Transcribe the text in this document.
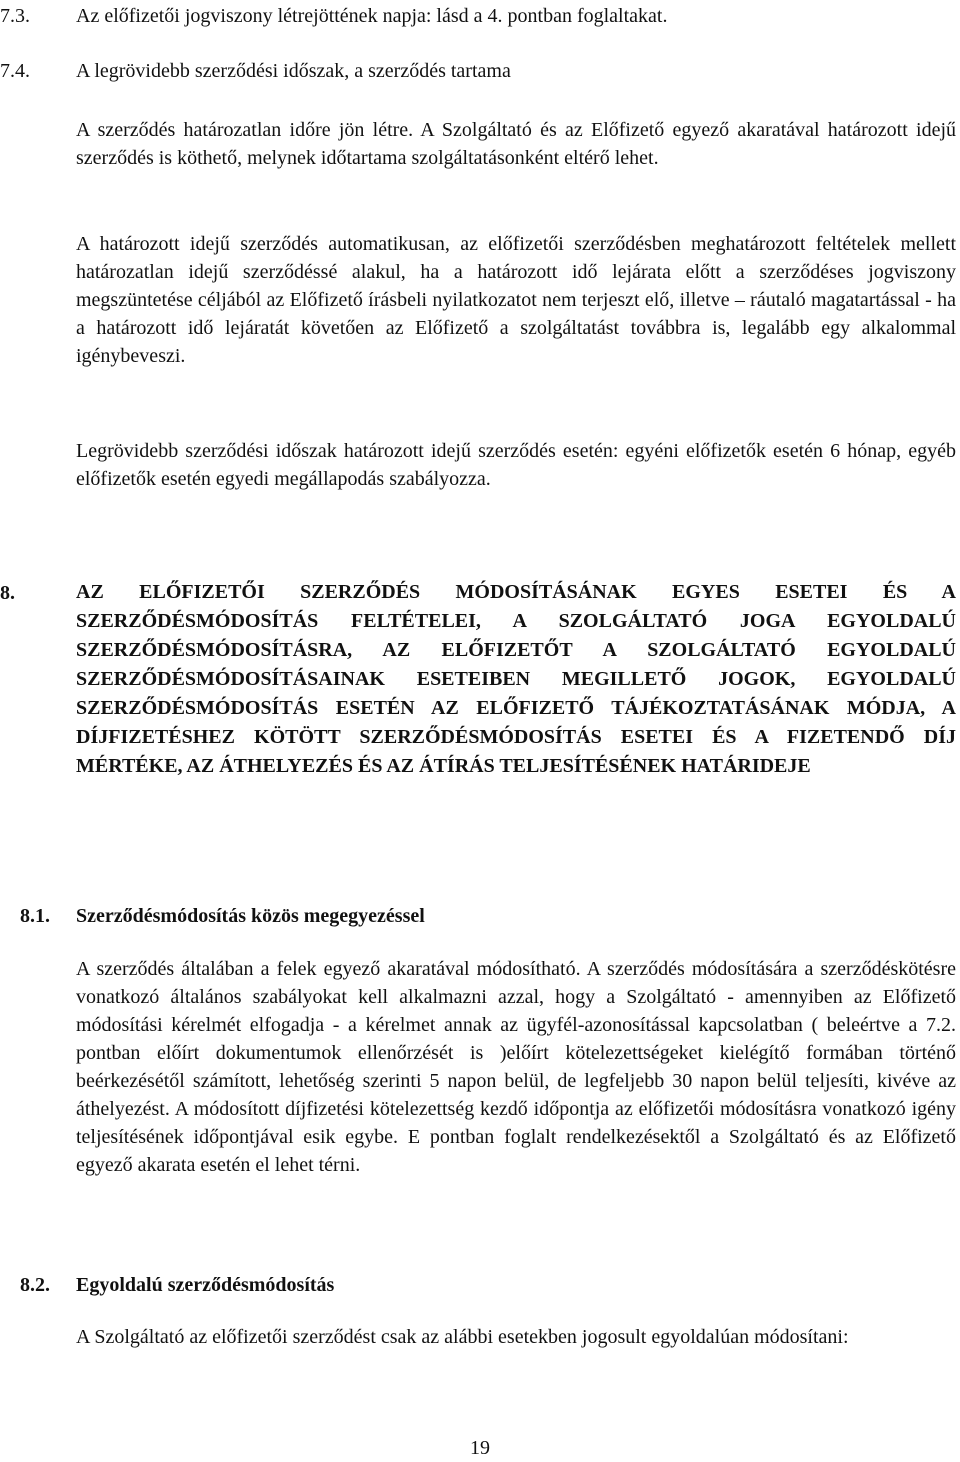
7.3. Az előfizetői jogviszony létrejöttének napja: lásd a 4. pontban foglaltakat.
7.4. A legrövidebb szerződési időszak, a szerződés tartama
A szerződés határozatlan időre jön létre. A Szolgáltató és az Előfizető egyező akaratával határozott idejű szerződés is köthető, melynek időtartama szolgáltatásonként eltérő lehet.
A határozott idejű szerződés automatikusan, az előfizetői szerződésben meghatározott feltételek mellett határozatlan idejű szerződéssé alakul, ha a határozott idő lejárata előtt a szerződéses jogviszony megszüntetése céljából az Előfizető írásbeli nyilatkozatot nem terjeszt elő, illetve – ráutaló magatartással - ha a határozott idő lejáratát követően az Előfizető a szolgáltatást továbbra is, legalább egy alkalommal igénybeveszi.
Legrövidebb szerződési időszak határozott idejű szerződés esetén: egyéni előfizetők esetén 6 hónap, egyéb előfizetők esetén egyedi megállapodás szabályozza.
8.	AZ ELŐFIZETŐI SZERZŐDÉS MÓDOSÍTÁSÁNAK EGYES ESETEI ÉS A SZERZŐDÉSMÓDOSÍTÁS FELTÉTELEI, A SZOLGÁLTATÓ JOGA EGYOLDALÚ SZERZŐDÉSMÓDOSÍTÁSRA, AZ ELŐFIZETŐT A SZOLGÁLTATÓ EGYOLDALÚ SZERZŐDÉSMÓDOSÍTÁSAINAK ESETEIBEN MEGILLETŐ JOGOK, EGYOLDALÚ SZERZŐDÉSMÓDOSÍTÁS ESETÉN AZ ELŐFIZETŐ TÁJÉKOZTATÁSÁNAK MÓDJA, A DÍJFIZETÉSHEZ KÖTÖTT SZERZŐDÉSMÓDOSÍTÁS ESETEI ÉS A FIZETENDŐ DÍJ MÉRTÉKE, AZ ÁTHELYEZÉS ÉS AZ ÁTÍRÁS TELJESÍTÉSÉNEK HATÁRIDEJE
8.1. Szerződésmódosítás közös megegyezéssel
A szerződés általában a felek egyező akaratával módosítható. A szerződés módosítására a szerződéskötésre vonatkozó általános szabályokat kell alkalmazni azzal, hogy a Szolgáltató - amennyiben az Előfizető módosítási kérelmét elfogadja - a kérelmet annak az ügyfél-azonosítással kapcsolatban ( beleértve a 7.2. pontban előírt dokumentumok ellenőrzését is )előírt kötelezettségeket kielégítő formában történő beérkezésétől számított, lehetőség szerinti 5 napon belül, de legfeljebb 30 napon belül teljesíti, kivéve az áthelyezést. A módosított díjfizetési kötelezettség kezdő időpontja az előfizetői módosításra vonatkozó igény teljesítésének időpontjával esik egybe. E pontban foglalt rendelkezésektől a Szolgáltató és az Előfizető egyező akarata esetén el lehet térni.
8.2. Egyoldalú szerződésmódosítás
A Szolgáltató az előfizetői szerződést csak az alábbi esetekben jogosult egyoldalúan módosítani:
19
